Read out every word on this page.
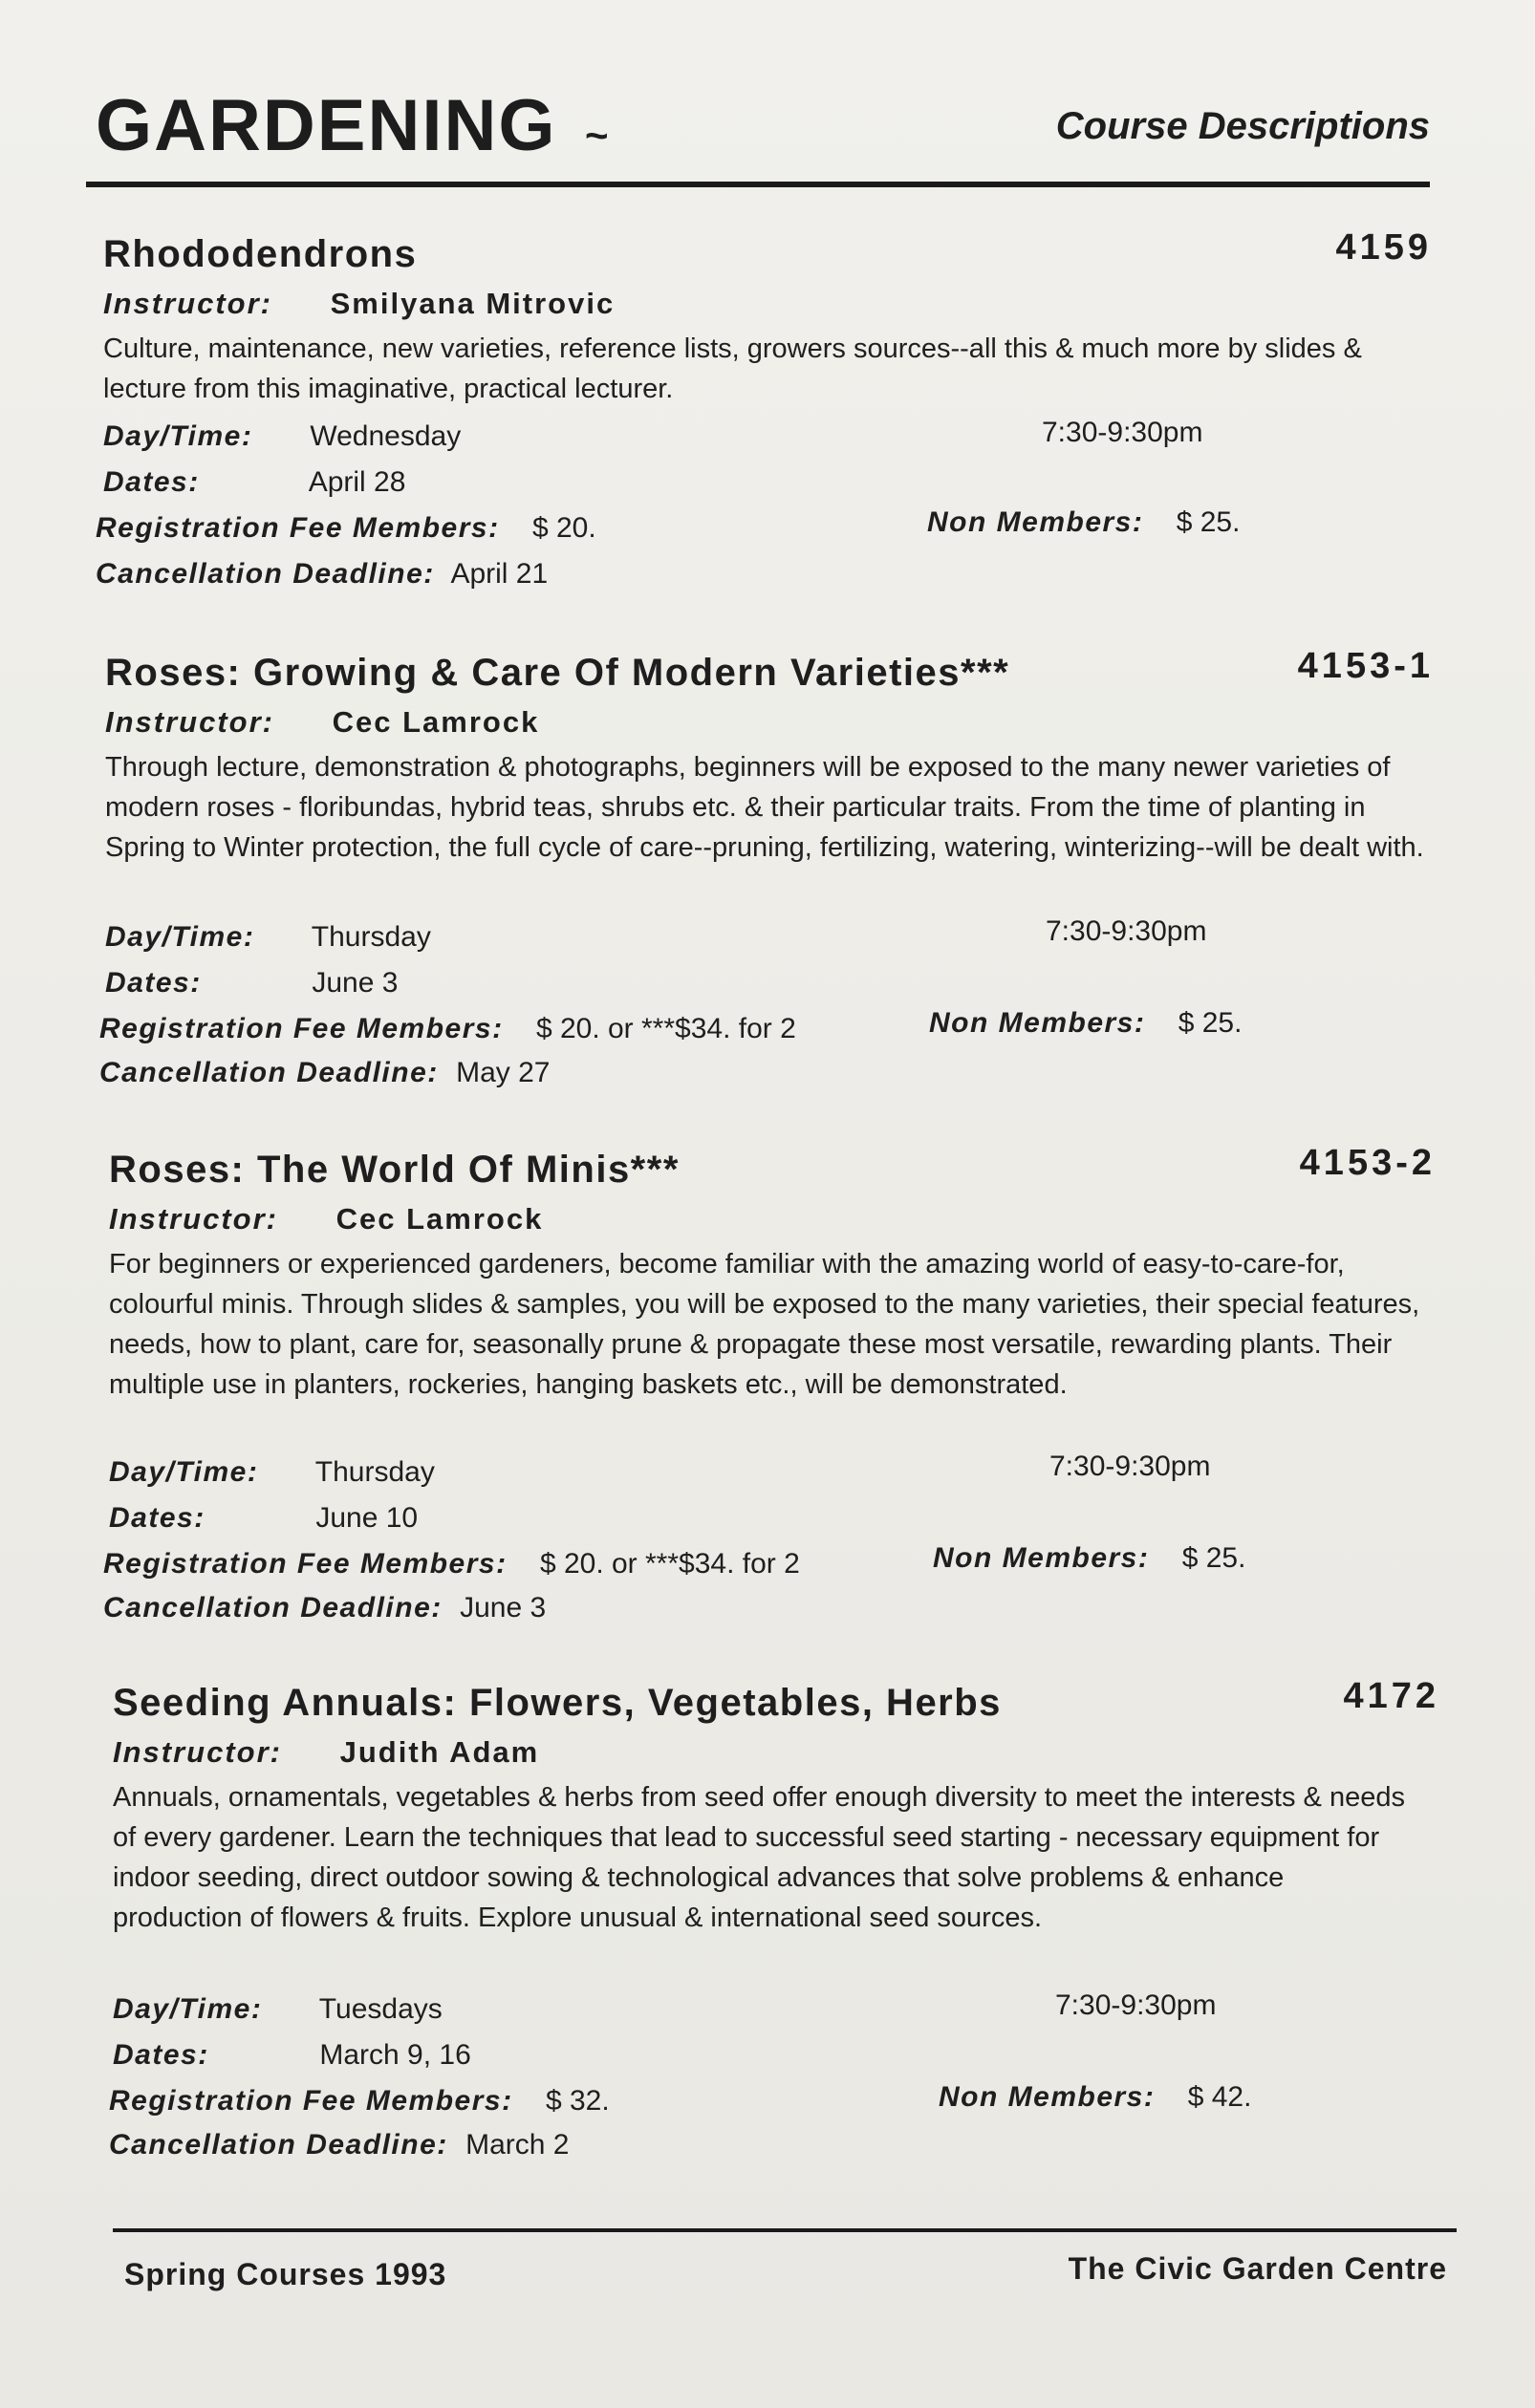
GARDENING ~	Course Descriptions
Rhododendrons	4159
Instructor: Smilyana Mitrovic
Culture, maintenance, new varieties, reference lists, growers sources--all this & much more by slides & lecture from this imaginative, practical lecturer.
Day/Time: Wednesday	7:30-9:30pm
Dates:	April 28
Registration Fee Members: $ 20.	Non Members: $ 25.
Cancellation Deadline: April 21
Roses: Growing & Care Of Modern Varieties***	4153-1
Instructor: Cec Lamrock
Through lecture, demonstration & photographs, beginners will be exposed to the many newer varieties of modern roses - floribundas, hybrid teas, shrubs etc. & their particular traits. From the time of planting in Spring to Winter protection, the full cycle of care--pruning, fertilizing, watering, winterizing--will be dealt with.
Day/Time: Thursday	7:30-9:30pm
Dates:	June 3
Registration Fee Members: $ 20. or ***$34. for 2	Non Members: $ 25.
Cancellation Deadline: May 27
Roses: The World Of Minis***	4153-2
Instructor: Cec Lamrock
For beginners or experienced gardeners, become familiar with the amazing world of easy-to-care-for, colourful minis. Through slides & samples, you will be exposed to the many varieties, their special features, needs, how to plant, care for, seasonally prune & propagate these most versatile, rewarding plants. Their multiple use in planters, rockeries, hanging baskets etc., will be demonstrated.
Day/Time: Thursday	7:30-9:30pm
Dates:	June 10
Registration Fee Members: $ 20. or ***$34. for 2	Non Members: $ 25.
Cancellation Deadline: June 3
Seeding Annuals: Flowers, Vegetables, Herbs	4172
Instructor: Judith Adam
Annuals, ornamentals, vegetables & herbs from seed offer enough diversity to meet the interests & needs of every gardener. Learn the techniques that lead to successful seed starting - necessary equipment for indoor seeding, direct outdoor sowing & technological advances that solve problems & enhance production of flowers & fruits. Explore unusual & international seed sources.
Day/Time: Tuesdays	7:30-9:30pm
Dates:	March 9, 16
Registration Fee Members: $ 32.	Non Members: $ 42.
Cancellation Deadline: March 2
Spring Courses 1993	The Civic Garden Centre
